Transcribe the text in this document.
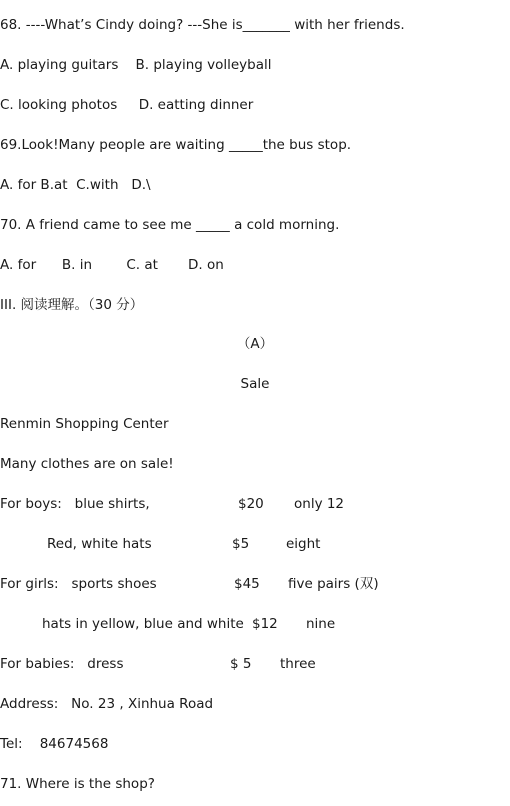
68. ----What’s Cindy doing? ---She is_______ with her friends.
A. playing guitars    B. playing volleyball
C. looking photos     D. eatting dinner
69.Look!Many people are waiting _____the bus stop.
A. for B.at  C.with   D.\
70. A friend came to see me _____ a cold morning.
A. for      B. in        C. at       D. on
III. 阅读理解。（30 分）
（A）
Sale
Renmin Shopping Center
Many clothes are on sale!
For boys:   blue shirts,	$20 only 12
Red, white hats	$5	eight
For girls:   sports shoes	$45 five pairs (双)
hats in yellow, blue and white $12 nine
For babies:   dress	$ 5 three
Address:   No. 23 , Xinhua Road
Tel:    84674568
71. Where is the shop?
